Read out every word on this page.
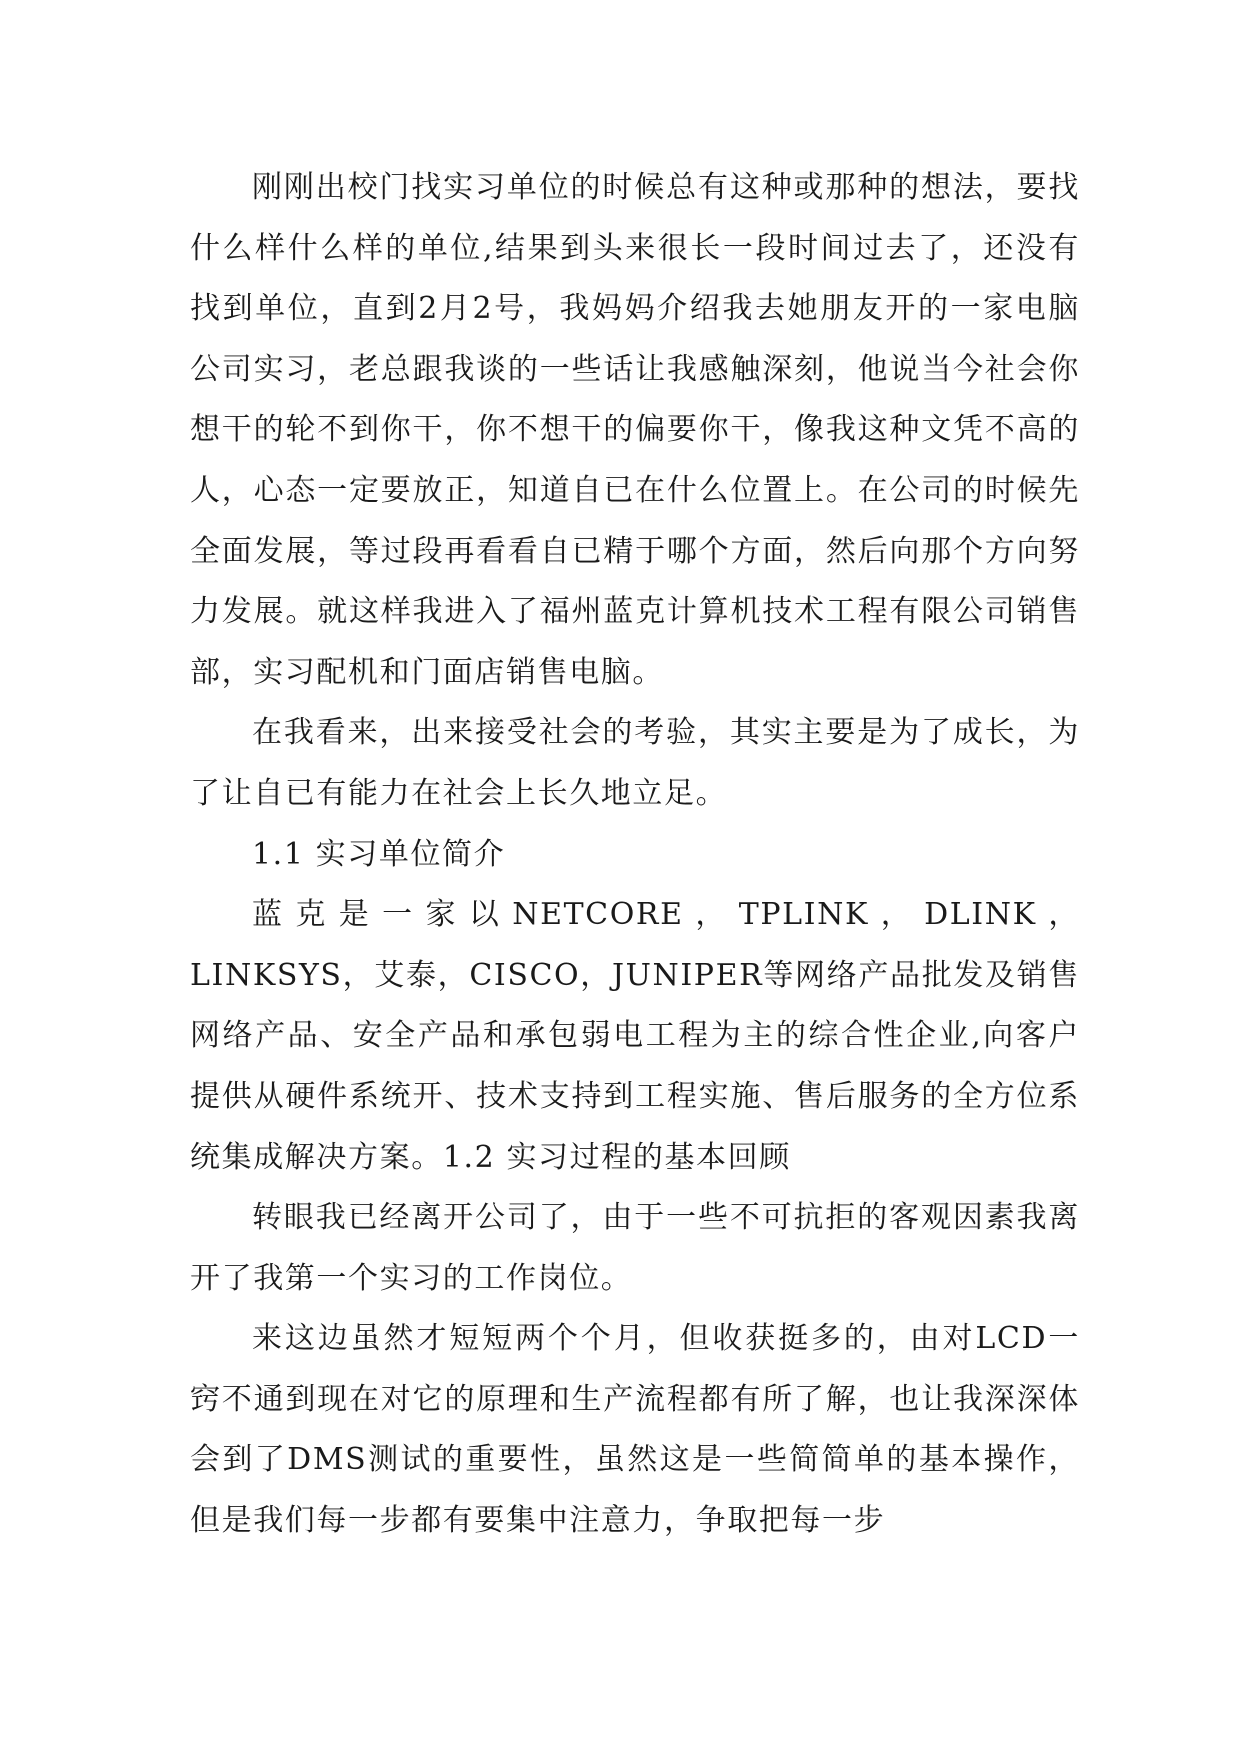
刚刚出校门找实习单位的时候总有这种或那种的想法，要找什么样什么样的单位,结果到头来很长一段时间过去了，还没有找到单位，直到2月2号，我妈妈介绍我去她朋友开的一家电脑公司实习，老总跟我谈的一些话让我感触深刻，他说当今社会你想干的轮不到你干，你不想干的偏要你干，像我这种文凭不高的人，心态一定要放正，知道自已在什么位置上。在公司的时候先全面发展，等过段再看看自已精于哪个方面，然后向那个方向努力发展。就这样我进入了福州蓝克计算机技术工程有限公司销售部，实习配机和门面店销售电脑。

在我看来，出来接受社会的考验，其实主要是为了成长，为了让自已有能力在社会上长久地立足。

1.1 实习单位简介

蓝克是一家以NETCORE，TPLINK，DLINK，LINKSYS，艾泰，CISCO，JUNIPER等网络产品批发及销售网络产品、安全产品和承包弱电工程为主的综合性企业,向客户提供从硬件系统开、技术支持到工程实施、售后服务的全方位系统集成解决方案。1.2 实习过程的基本回顾

转眼我已经离开公司了，由于一些不可抗拒的客观因素我离开了我第一个实习的工作岗位。

来这边虽然才短短两个个月，但收获挺多的，由对LCD一窍不通到现在对它的原理和生产流程都有所了解，也让我深深体会到了DMS测试的重要性，虽然这是一些简简单的基本操作，但是我们每一步都有要集中注意力，争取把每一步
